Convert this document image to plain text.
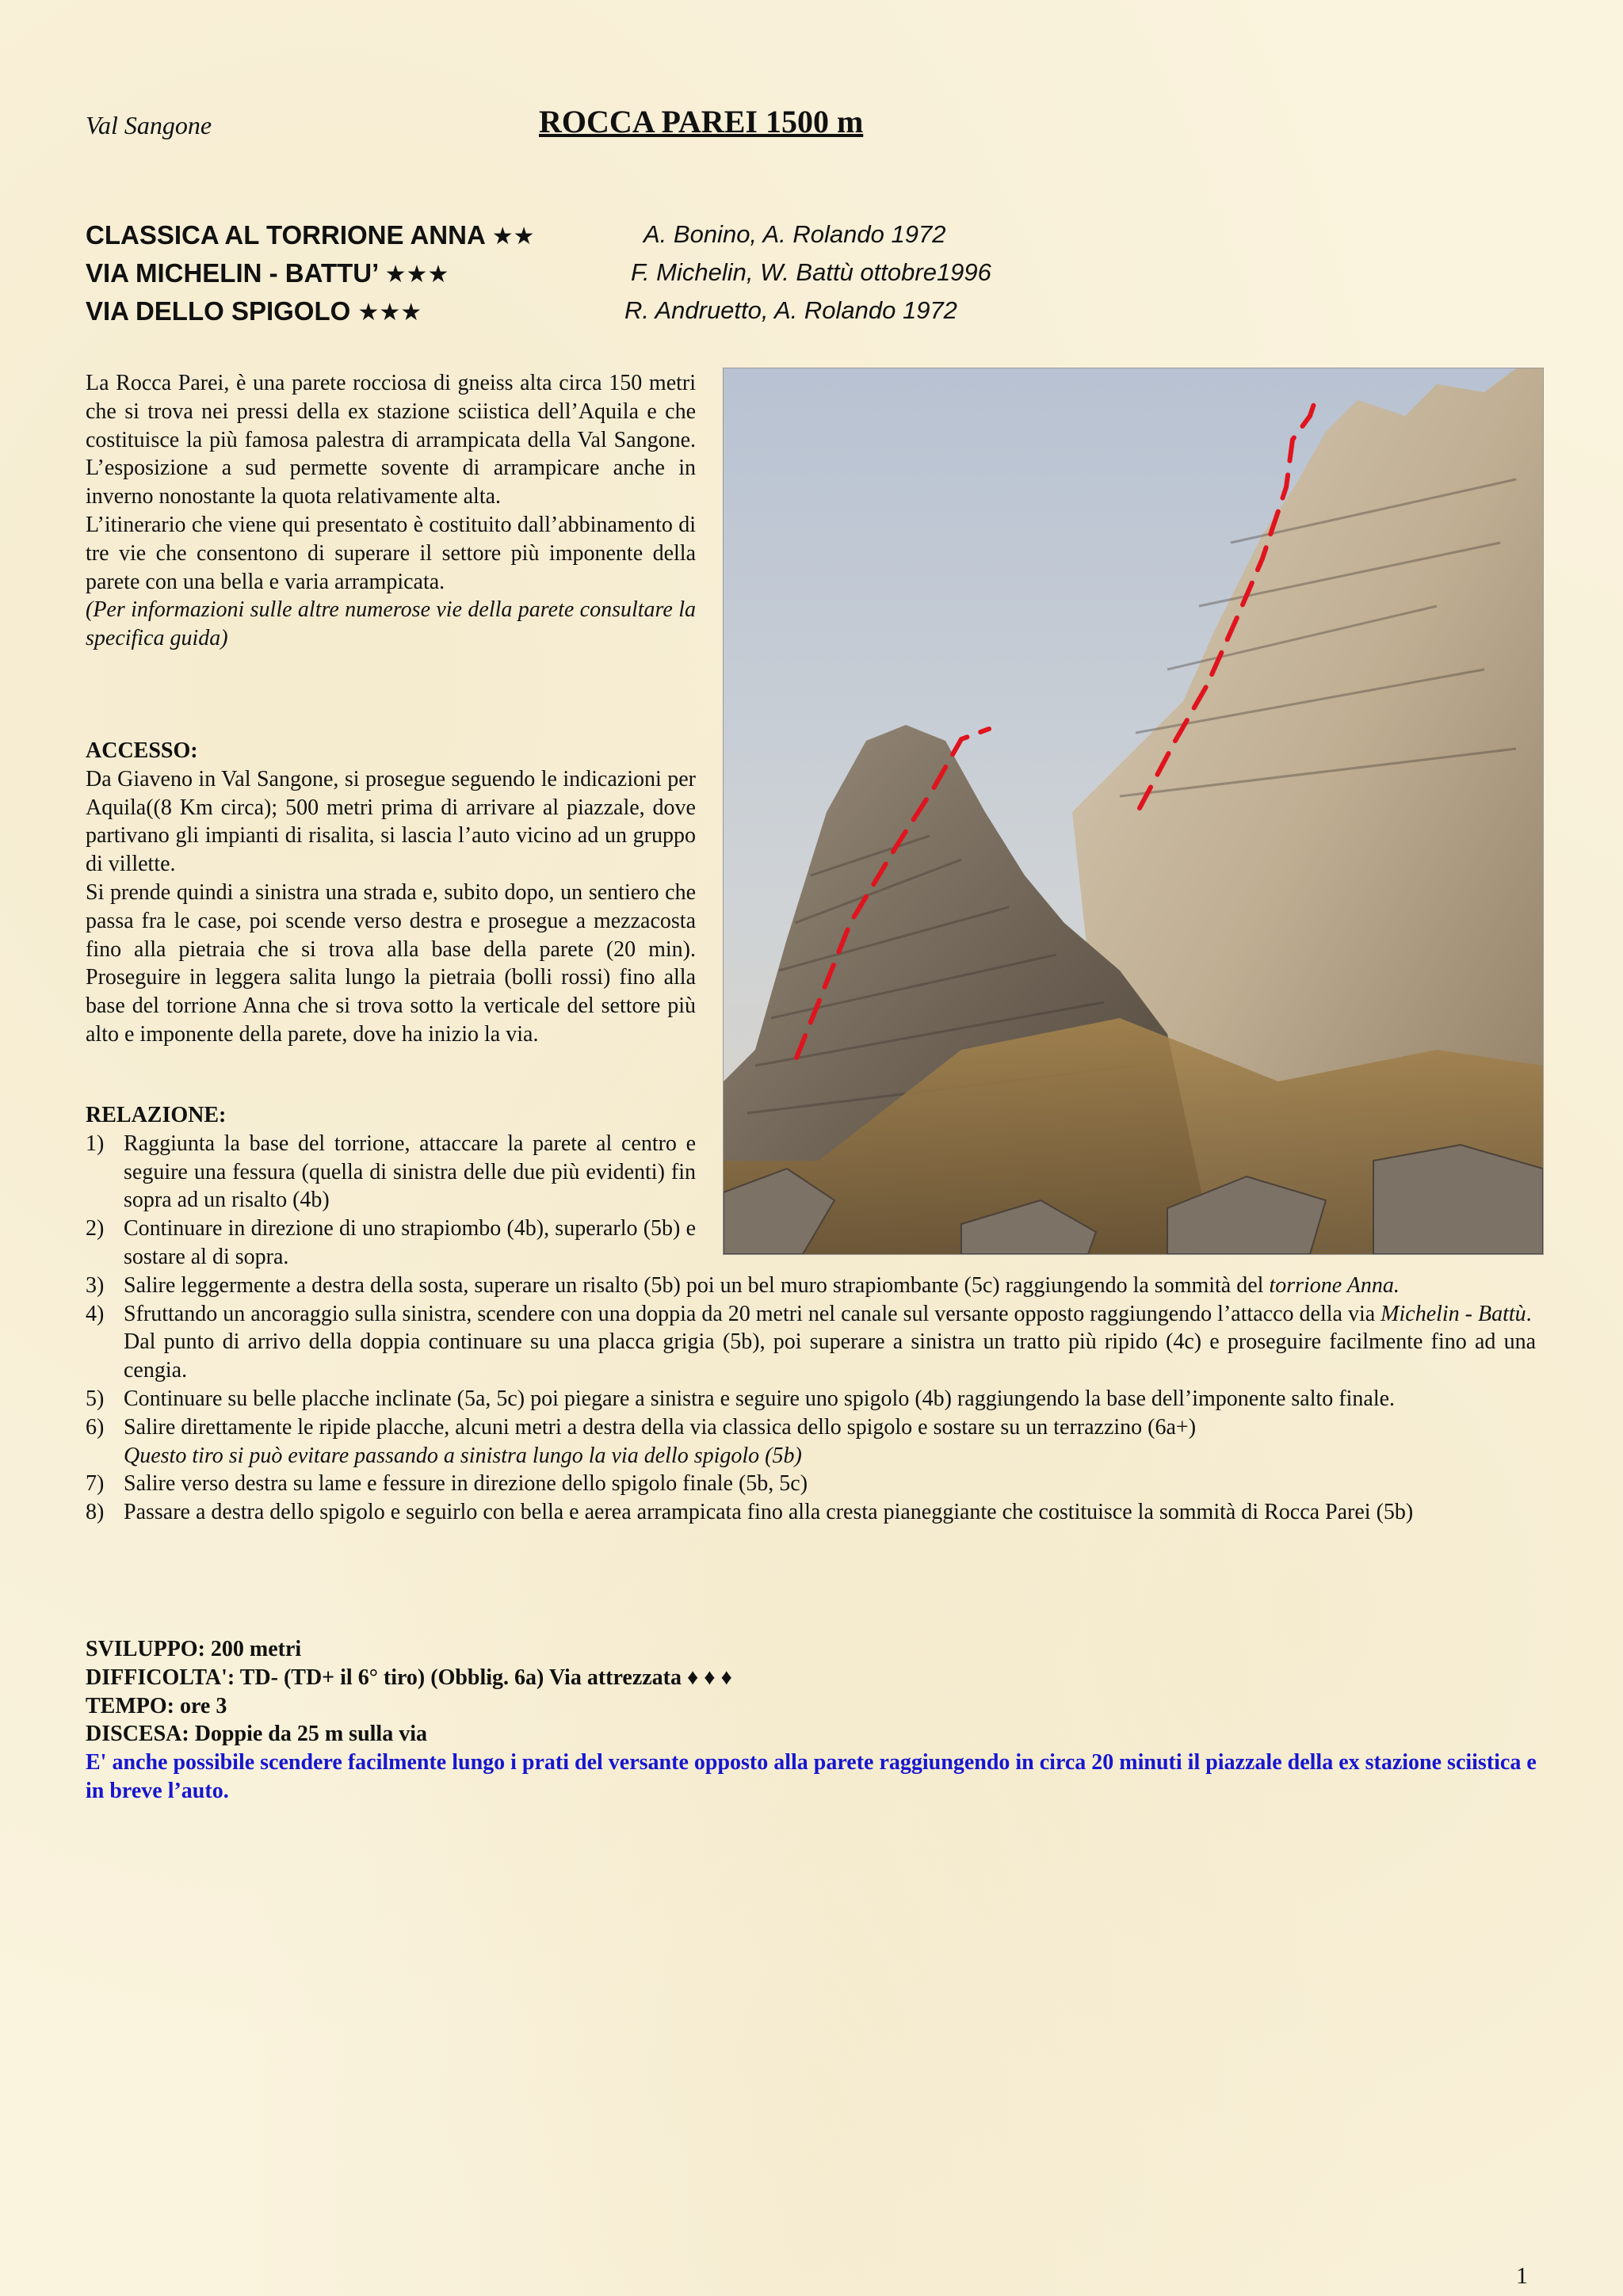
Val Sangone	ROCCA PAREI 1500 m
CLASSICA AL TORRIONE ANNA ★★	A. Bonino, A. Rolando 1972
VIA MICHELIN - BATTU’ ★★★	F. Michelin, W. Battù ottobre1996
VIA DELLO SPIGOLO ★★★	R. Andruetto, A. Rolando 1972

La Rocca Parei, è una parete rocciosa di gneiss alta circa 150 metri che si trova nei pressi della ex stazione sciistica dell’Aquila e che costituisce la più famosa palestra di arrampicata della Val Sangone. L’esposizione a sud permette sovente di arrampicare anche in inverno nonostante la quota relativamente alta.

L’itinerario che viene qui presentato è costituito dall’abbinamento di tre vie che consentono di superare il settore più imponente della parete con una bella e varia arrampicata.

(Per informazioni sulle altre numerose vie della parete consultare la specifica guida)

ACCESSO:

Da Giaveno in Val Sangone, si prosegue seguendo le indicazioni per Aquila((8 Km circa); 500 metri prima di arrivare al piazzale, dove partivano gli impianti di risalita, si lascia l’auto vicino ad un gruppo di villette.

Si prende quindi a sinistra una strada e, subito dopo, un sentiero che passa fra le case, poi scende verso destra e prosegue a mezzacosta fino alla pietraia che si trova alla base della parete (20 min). Proseguire in leggera salita lungo la pietraia (bolli rossi) fino alla base del torrione Anna che si trova sotto la verticale del settore più alto e imponente della parete, dove ha inizio la via.

RELAZIONE:
1) Raggiunta la base del torrione, attaccare la parete al centro e seguire una fessura (quella di sinistra delle due più evidenti) fin sopra ad un risalto (4b)
2) Continuare in direzione di uno strapiombo (4b), superarlo (5b) e sostare al di sopra.
3) Salire leggermente a destra della sosta, superare un risalto (5b) poi un bel muro strapiombante (5c) raggiungendo la sommità del torrione Anna.
4) Sfruttando un ancoraggio sulla sinistra, scendere con una doppia da 20 metri nel canale sul versante opposto raggiungendo l’attacco della via Michelin - Battù.

Dal punto di arrivo della doppia continuare su una placca grigia (5b), poi superare a sinistra un tratto più ripido (4c) e proseguire facilmente fino ad una cengia.

5) Continuare su belle placche inclinate (5a, 5c) poi piegare a sinistra e seguire uno spigolo (4b) raggiungendo la base dell’imponente salto finale.
6) Salire direttamente le ripide placche, alcuni metri a destra della via classica dello spigolo e sostare su un terrazzino (6a+)

Questo tiro si può evitare passando a sinistra lungo la via dello spigolo (5b)

7) Salire verso destra su lame e fessure in direzione dello spigolo finale (5b, 5c)
8) Passare a destra dello spigolo e seguirlo con bella e aerea arrampicata fino alla cresta pianeggiante che costituisce la sommità di Rocca Parei (5b)
SVILUPPO: 200 metri
DIFFICOLTA': TD- (TD+ il 6° tiro) (Obblig. 6a) Via attrezzata ♦ ♦ ♦
TEMPO: ore 3
DISCESA: Doppie da 25 m sulla via
E' anche possibile scendere facilmente lungo i prati del versante opposto alla parete raggiungendo in circa 20 minuti il piazzale della ex stazione sciistica e in breve l’auto.
1
